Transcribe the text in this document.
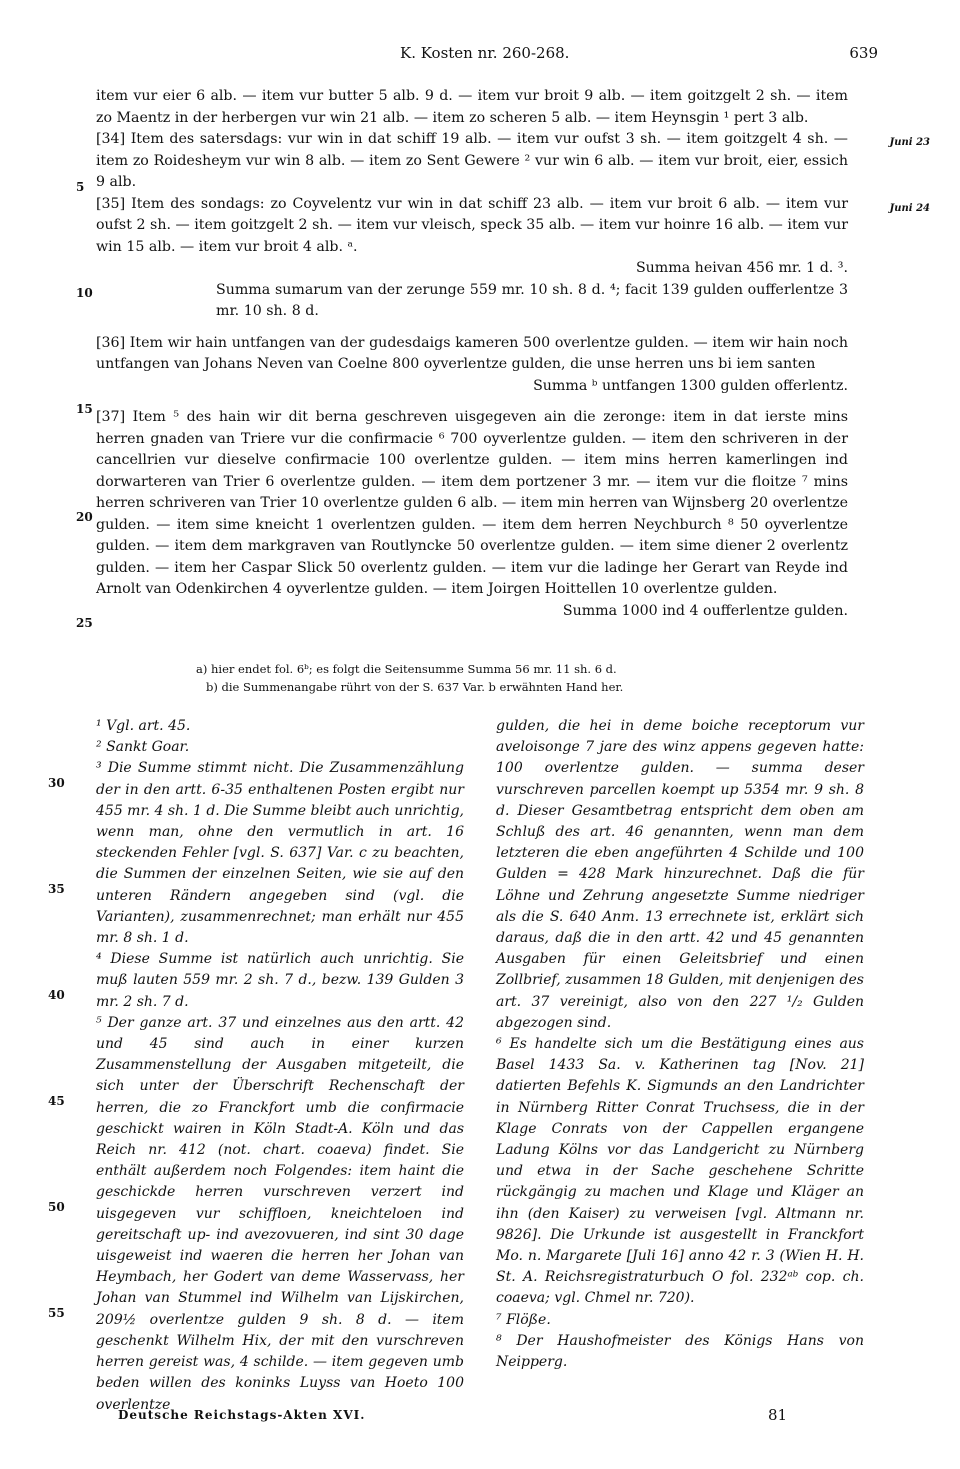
K. Kosten nr. 260-268.	639

item vur eier 6 alb. — item vur butter 5 alb. 9 d. — item vur broit 9 alb. — item goitzgelt 2 sh. — item zo Maentz in der herbergen vur win 21 alb. — item zo scheren 5 alb. — item Heynsgin ¹ pert 3 alb.

[34] Item des satersdags: vur win in dat schiff 19 alb. — item vur oufst 3 sh. — item goitzgelt 4 sh. — item zo Roidesheym vur win 8 alb. — item zo Sent Gewere ² vur win 6 alb. — item vur broit, eier, essich 9 alb.

[35] Item des sondags: zo Coyvelentz vur win in dat schiff 23 alb. — item vur broit 6 alb. — item vur oufst 2 sh. — item goitzgelt 2 sh. — item vur vleisch, speck 35 alb. — item vur hoinre 16 alb. — item vur win 15 alb. — item vur broit 4 alb. ᵃ.

Summa heivan 456 mr. 1 d. ³.

Summa sumarum van der zerunge 559 mr. 10 sh. 8 d. ⁴; facit 139 gulden oufferlentze 3 mr. 10 sh. 8 d.

[36] Item wir hain untfangen van der gudesdaigs kameren 500 overlentze gulden. — item wir hain noch untfangen van Johans Neven van Coelne 800 oyverlentze gulden, die unse herren uns bi iem santen

Summa ᵇ untfangen 1300 gulden offerlentz.

[37] Item ⁵ des hain wir dit berna geschreven uisgegeven ain die zeronge: item in dat ierste mins herren gnaden van Triere vur die confirmacie ⁶ 700 oyverlentze gulden. — item den schriveren in der cancellrien vur dieselve confirmacie 100 overlentze gulden. — item mins herren kamerlingen ind dorwarteren van Trier 6 overlentze gulden. — item dem portzener 3 mr. — item vur die floitze ⁷ mins herren schriveren van Trier 10 overlentze gulden 6 alb. — item min herren van Wijnsberg 20 overlentze gulden. — item sime kneicht 1 overlentzen gulden. — item dem herren Neychburch ⁸ 50 oyverlentze gulden. — item dem markgraven van Routlyncke 50 overlentze gulden. — item sime diener 2 overlentz gulden. — item her Caspar Slick 50 overlentz gulden. — item vur die ladinge her Gerart van Reyde ind Arnolt van Odenkirchen 4 oyverlentze gulden. — item Joirgen Hoittellen 10 overlentze gulden.

Summa 1000 ind 4 oufferlentze gulden.

5
10
15
20
25
30
35
40
45
50
55
Juni 23
Juni 24

a) hier endet fol. 6ᵇ; es folgt die Seitensumme Summa 56 mr. 11 sh. 6 d.

b) die Summenangabe rührt von der S. 637 Var. b erwähnten Hand her.

¹ Vgl. art. 45.

² Sankt Goar.

³ Die Summe stimmt nicht. Die Zusammenzählung der in den artt. 6-35 enthaltenen Posten ergibt nur 455 mr. 4 sh. 1 d. Die Summe bleibt auch unrichtig, wenn man, ohne den vermutlich in art. 16 steckenden Fehler [vgl. S. 637] Var. c zu beachten, die Summen der einzelnen Seiten, wie sie auf den unteren Rändern angegeben sind (vgl. die Varianten), zusammenrechnet; man erhält nur 455 mr. 8 sh. 1 d.

⁴ Diese Summe ist natürlich auch unrichtig. Sie muß lauten 559 mr. 2 sh. 7 d., bezw. 139 Gulden 3 mr. 2 sh. 7 d.

⁵ Der ganze art. 37 und einzelnes aus den artt. 42 und 45 sind auch in einer kurzen Zusammenstellung der Ausgaben mitgeteilt, die sich unter der Überschrift Rechenschaft der herren, die zo Franckfort umb die confirmacie geschickt wairen in Köln Stadt-A. Köln und das Reich nr. 412 (not. chart. coaeva) findet. Sie enthält außerdem noch Folgendes: item haint die geschickde herren vurschreven verzert ind uisgegeven vur schiffloen, kneichteloen ind gereitschaft up- ind avezovueren, ind sint 30 dage uisgeweist ind waeren die herren her Johan van Heymbach, her Godert van deme Wasservass, her Johan van Stummel ind Wilhelm van Lijskirchen, 209½ overlentze gulden 9 sh. 8 d. — item geschenkt Wilhelm Hix, der mit den vurschreven herren gereist was, 4 schilde. — item gegeven umb beden willen des koninks Luyss van Hoeto 100 overlentze

gulden, die hei in deme boiche receptorum vur aveloisonge 7 jare des winz appens gegeven hatte: 100 overlentze gulden. — summa deser vurschreven parcellen koempt up 5354 mr. 9 sh. 8 d. Dieser Gesamtbetrag entspricht dem oben am Schluß des art. 46 genannten, wenn man dem letzteren die eben angeführten 4 Schilde und 100 Gulden = 428 Mark hinzurechnet. Daß die für Löhne und Zehrung angesetzte Summe niedriger als die S. 640 Anm. 13 errechnete ist, erklärt sich daraus, daß die in den artt. 42 und 45 genannten Ausgaben für einen Geleitsbrief und einen Zollbrief, zusammen 18 Gulden, mit denjenigen des art. 37 vereinigt, also von den 227 ¹/₂ Gulden abgezogen sind.

⁶ Es handelte sich um die Bestätigung eines aus Basel 1433 Sa. v. Katherinen tag [Nov. 21] datierten Befehls K. Sigmunds an den Landrichter in Nürnberg Ritter Conrat Truchsess, die in der Klage Conrats von der Cappellen ergangene Ladung Kölns vor das Landgericht zu Nürnberg und etwa in der Sache geschehene Schritte rückgängig zu machen und Klage und Kläger an ihn (den Kaiser) zu verweisen [vgl. Altmann nr. 9826]. Die Urkunde ist ausgestellt in Franckfort Mo. n. Margarete [Juli 16] anno 42 r. 3 (Wien H. H. St. A. Reichsregistraturbuch O fol. 232ᵃᵇ cop. ch. coaeva; vgl. Chmel nr. 720).

⁷ Flöße.

⁸ Der Haushofmeister des Königs Hans von Neipperg.

Deutsche Reichstags-Akten XVI.	81
